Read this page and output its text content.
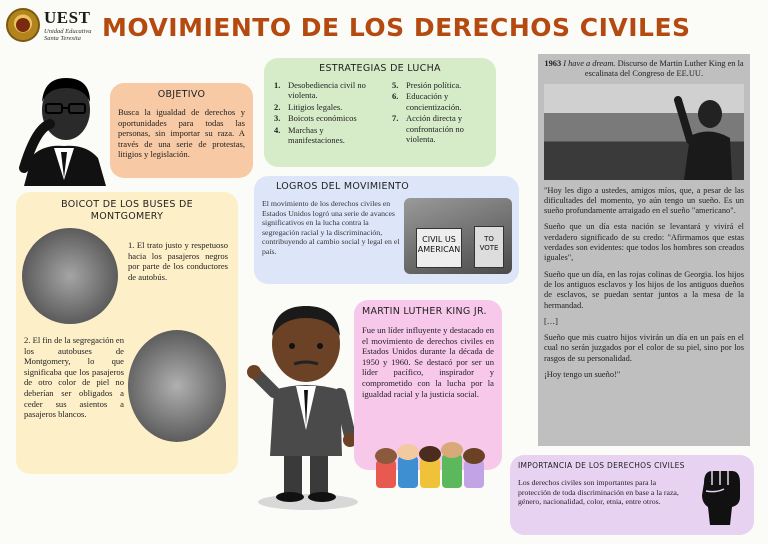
UEST
Unidad Educativa Santa Teresita MOVIMIENTO DE LOS DERECHOS CIVILES
OBJETIVO
Busca la igualdad de derechos y oportunidades para todas las personas, sin importar su raza. A través de una serie de protestas, litigios y legislación.
ESTRATEGIAS DE LUCHA
1. Desobediencia civil no violenta.
2. Litigios legales.
3. Boicots económicos
4. Marchas y manifestaciones.
5. Presión política.
6. Educación y concientización.
7. Acción directa y confrontación no violenta.
LOGROS DEL MOVIMIENTO
El movimiento de los derechos civiles en Estados Unidos logró una serie de avances significativos en la lucha contra la segregación racial y la discriminación, contribuyendo al cambio social y legal en el país.
CIVIL US AMERICAN
TO VOTE
BOICOT DE LOS BUSES DE MONTGOMERY
1. El trato justo y respetuoso hacia los pasajeros negros por parte de los conductores de autobús.
2. El fin de la segregación en los autobuses de Montgomery, lo que significaba que los pasajeros de otro color de piel no deberían ser obligados a ceder sus asientos a pasajeros blancos.
MARTIN LUTHER KING JR.
Fue un líder influyente y destacado en el movimiento de derechos civiles en Estados Unidos durante la década de 1950 y 1960. Se destacó por ser un líder pacífico, inspirador y comprometido con la lucha por la igualdad racial y la justicia social.
1963 I have a dream. Discurso de Martin Luther King en la escalinata del Congreso de EE.UU.
"Hoy les digo a ustedes, amigos míos, que, a pesar de las dificultades del momento, yo aún tengo un sueño. Es un sueño profundamente arraigado en el sueño "americano".
Sueño que un día esta nación se levantará y vivirá el verdadero significado de su credo: "Afirmamos que estas verdades son evidentes: que todos los hombres son creados iguales",
Sueño que un día, en las rojas colinas de Georgia. los hijos de los antiguos esclavos y los hijos de los antiguos dueños de esclavos, se puedan sentar juntos a la mesa de la hermandad.
[…]
Sueño que mis cuatro hijos vivirán un día en un país en el cual no serán juzgados por el color de su piel, sino por los rasgos de su personalidad.
¡Hoy tengo un sueño!"
IMPORTANCIA DE LOS DERECHOS CIVILES
Los derechos civiles son importantes para la protección de toda discriminación en base a la raza, género, nacionalidad, color, etnia, entre otros.
